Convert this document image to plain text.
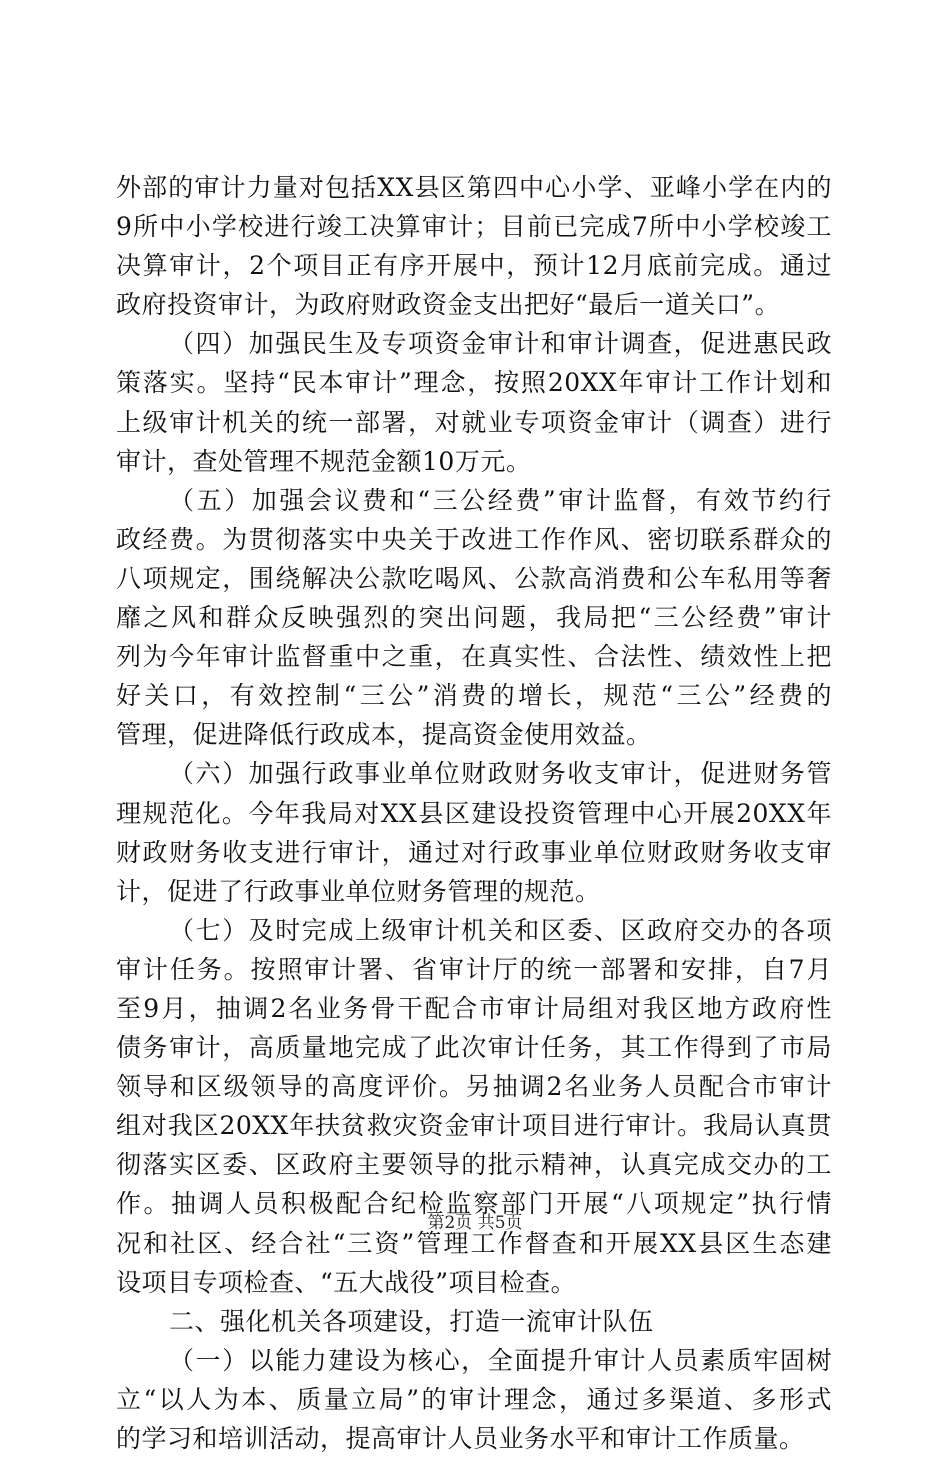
外部的审计力量对包括XX县区第四中心小学、亚峰小学在内的
9所中小学校进行竣工决算审计；目前已完成7所中小学校竣工
决算审计，2个项目正有序开展中，预计12月底前完成。通过
政府投资审计，为政府财政资金支出把好“最后一道关口”。
（四）加强民生及专项资金审计和审计调查，促进惠民政
策落实。坚持“民本审计”理念，按照20XX年审计工作计划和
上级审计机关的统一部署，对就业专项资金审计（调查）进行
审计，查处管理不规范金额10万元。
（五）加强会议费和“三公经费”审计监督，有效节约行
政经费。为贯彻落实中央关于改进工作作风、密切联系群众的
八项规定，围绕解决公款吃喝风、公款高消费和公车私用等奢
靡之风和群众反映强烈的突出问题，我局把“三公经费”审计
列为今年审计监督重中之重，在真实性、合法性、绩效性上把
好关口，有效控制“三公”消费的增长，规范“三公”经费的
管理，促进降低行政成本，提高资金使用效益。
（六）加强行政事业单位财政财务收支审计，促进财务管
理规范化。今年我局对XX县区建设投资管理中心开展20XX年
财政财务收支进行审计，通过对行政事业单位财政财务收支审
计，促进了行政事业单位财务管理的规范。
（七）及时完成上级审计机关和区委、区政府交办的各项
审计任务。按照审计署、省审计厅的统一部署和安排，自7月
至9月，抽调2名业务骨干配合市审计局组对我区地方政府性
债务审计，高质量地完成了此次审计任务，其工作得到了市局
领导和区级领导的高度评价。另抽调2名业务人员配合市审计
组对我区20XX年扶贫救灾资金审计项目进行审计。我局认真贯
彻落实区委、区政府主要领导的批示精神，认真完成交办的工
作。抽调人员积极配合纪检监察部门开展“八项规定”执行情
况和社区、经合社“三资”管理工作督查和开展XX县区生态建
设项目专项检查、“五大战役”项目检查。
二、强化机关各项建设，打造一流审计队伍
（一）以能力建设为核心，全面提升审计人员素质牢固树
立“以人为本、质量立局”的审计理念，通过多渠道、多形式
的学习和培训活动，提高审计人员业务水平和审计工作质量。
第2页 共5页
